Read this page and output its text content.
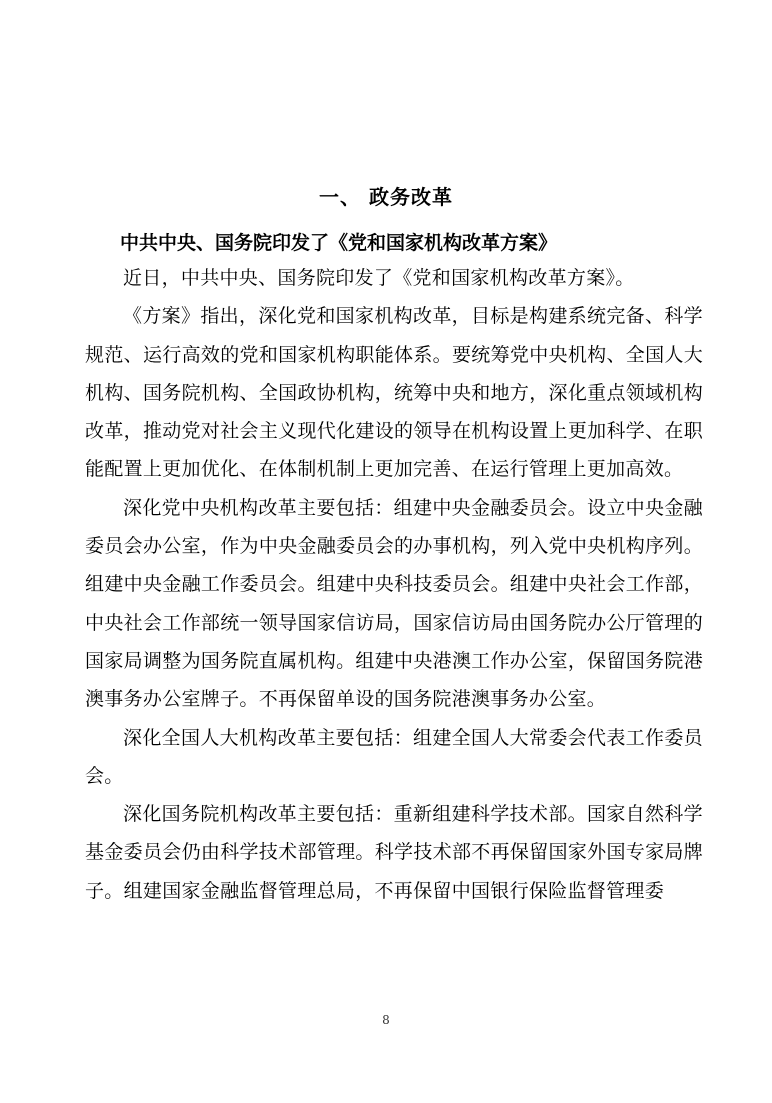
一、 政务改革
中共中央、国务院印发了《党和国家机构改革方案》

近日，中共中央、国务院印发了《党和国家机构改革方案》。

《方案》指出，深化党和国家机构改革，目标是构建系统完备、科学规范、运行高效的党和国家机构职能体系。要统筹党中央机构、全国人大机构、国务院机构、全国政协机构，统筹中央和地方，深化重点领域机构改革，推动党对社会主义现代化建设的领导在机构设置上更加科学、在职能配置上更加优化、在体制机制上更加完善、在运行管理上更加高效。

深化党中央机构改革主要包括：组建中央金融委员会。设立中央金融委员会办公室，作为中央金融委员会的办事机构，列入党中央机构序列。组建中央金融工作委员会。组建中央科技委员会。组建中央社会工作部，中央社会工作部统一领导国家信访局，国家信访局由国务院办公厅管理的国家局调整为国务院直属机构。组建中央港澳工作办公室，保留国务院港澳事务办公室牌子。不再保留单设的国务院港澳事务办公室。

深化全国人大机构改革主要包括：组建全国人大常委会代表工作委员会。

深化国务院机构改革主要包括：重新组建科学技术部。国家自然科学基金委员会仍由科学技术部管理。科学技术部不再保留国家外国专家局牌子。组建国家金融监督管理总局，不再保留中国银行保险监督管理委

8
